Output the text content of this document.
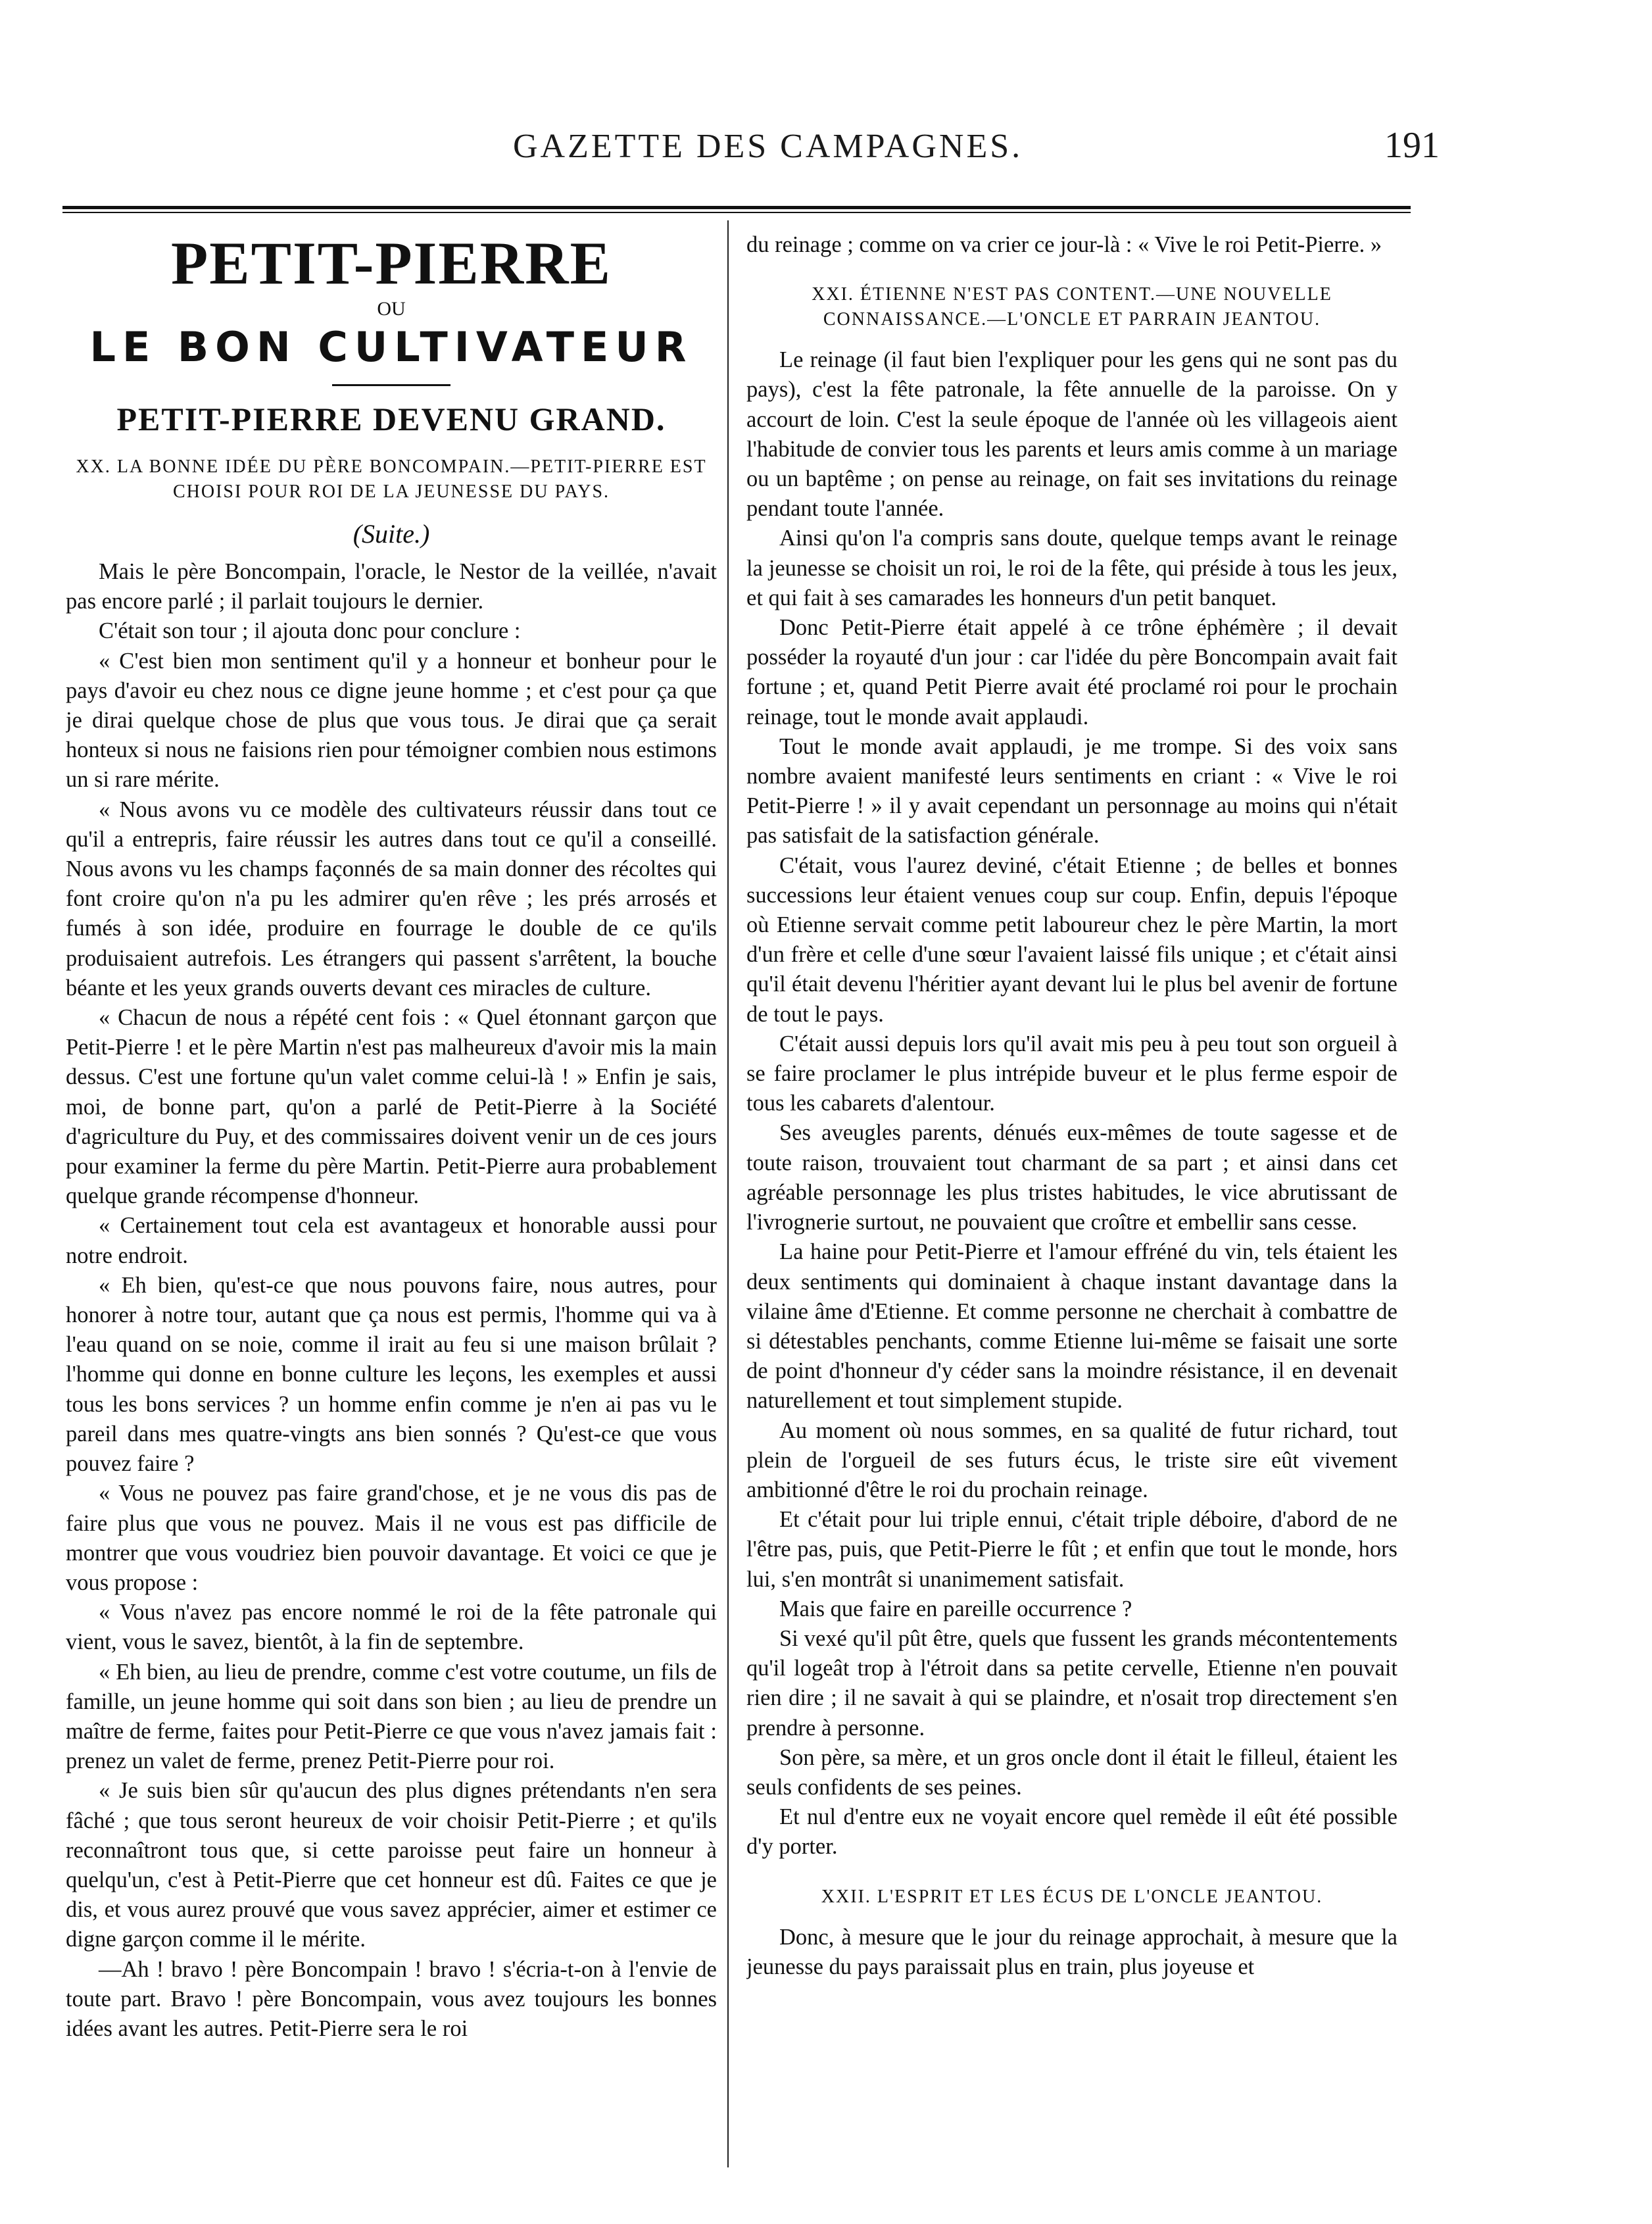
GAZETTE DES CAMPAGNES.	191
PETIT-PIERRE
OU
LE BON CULTIVATEUR
PETIT-PIERRE DEVENU GRAND.
XX. LA BONNE IDÉE DU PÈRE BONCOMPAIN.—PETIT-PIERRE EST CHOISI POUR ROI DE LA JEUNESSE DU PAYS.
(Suite.)

Mais le père Boncompain, l'oracle, le Nestor de la veillée, n'avait pas encore parlé ; il parlait toujours le dernier.

C'était son tour ; il ajouta donc pour conclure :

« C'est bien mon sentiment qu'il y a honneur et bonheur pour le pays d'avoir eu chez nous ce digne jeune homme ; et c'est pour ça que je dirai quelque chose de plus que vous tous. Je dirai que ça serait honteux si nous ne faisions rien pour témoigner combien nous estimons un si rare mérite.

« Nous avons vu ce modèle des cultivateurs réussir dans tout ce qu'il a entrepris, faire réussir les autres dans tout ce qu'il a conseillé. Nous avons vu les champs façonnés de sa main donner des récoltes qui font croire qu'on n'a pu les admirer qu'en rêve ; les prés arrosés et fumés à son idée, produire en fourrage le double de ce qu'ils produisaient autrefois. Les étrangers qui passent s'arrêtent, la bouche béante et les yeux grands ouverts devant ces miracles de culture.

« Chacun de nous a répété cent fois : « Quel étonnant garçon que Petit-Pierre ! et le père Martin n'est pas malheureux d'avoir mis la main dessus. C'est une fortune qu'un valet comme celui-là ! » Enfin je sais, moi, de bonne part, qu'on a parlé de Petit-Pierre à la Société d'agriculture du Puy, et des commissaires doivent venir un de ces jours pour examiner la ferme du père Martin. Petit-Pierre aura probablement quelque grande récompense d'honneur.

« Certainement tout cela est avantageux et honorable aussi pour notre endroit.

« Eh bien, qu'est-ce que nous pouvons faire, nous autres, pour honorer à notre tour, autant que ça nous est permis, l'homme qui va à l'eau quand on se noie, comme il irait au feu si une maison brûlait ? l'homme qui donne en bonne culture les leçons, les exemples et aussi tous les bons services ? un homme enfin comme je n'en ai pas vu le pareil dans mes quatre-vingts ans bien sonnés ? Qu'est-ce que vous pouvez faire ?

« Vous ne pouvez pas faire grand'chose, et je ne vous dis pas de faire plus que vous ne pouvez. Mais il ne vous est pas difficile de montrer que vous voudriez bien pouvoir davantage. Et voici ce que je vous propose :

« Vous n'avez pas encore nommé le roi de la fête patronale qui vient, vous le savez, bientôt, à la fin de septembre.

« Eh bien, au lieu de prendre, comme c'est votre coutume, un fils de famille, un jeune homme qui soit dans son bien ; au lieu de prendre un maître de ferme, faites pour Petit-Pierre ce que vous n'avez jamais fait : prenez un valet de ferme, prenez Petit-Pierre pour roi.

« Je suis bien sûr qu'aucun des plus dignes prétendants n'en sera fâché ; que tous seront heureux de voir choisir Petit-Pierre ; et qu'ils reconnaîtront tous que, si cette paroisse peut faire un honneur à quelqu'un, c'est à Petit-Pierre que cet honneur est dû. Faites ce que je dis, et vous aurez prouvé que vous savez apprécier, aimer et estimer ce digne garçon comme il le mérite.

—Ah ! bravo ! père Boncompain ! bravo ! s'écria-t-on à l'envie de toute part. Bravo ! père Boncompain, vous avez toujours les bonnes idées avant les autres. Petit-Pierre sera le roi

du reinage ; comme on va crier ce jour-là : « Vive le roi Petit-Pierre. »

XXI. ÉTIENNE N'EST PAS CONTENT.—UNE NOUVELLE CONNAISSANCE.—L'ONCLE ET PARRAIN JEANTOU.

Le reinage (il faut bien l'expliquer pour les gens qui ne sont pas du pays), c'est la fête patronale, la fête annuelle de la paroisse. On y accourt de loin. C'est la seule époque de l'année où les villageois aient l'habitude de convier tous les parents et leurs amis comme à un mariage ou un baptême ; on pense au reinage, on fait ses invitations du reinage pendant toute l'année.

Ainsi qu'on l'a compris sans doute, quelque temps avant le reinage la jeunesse se choisit un roi, le roi de la fête, qui préside à tous les jeux, et qui fait à ses camarades les honneurs d'un petit banquet.

Donc Petit-Pierre était appelé à ce trône éphémère ; il devait posséder la royauté d'un jour : car l'idée du père Boncompain avait fait fortune ; et, quand Petit Pierre avait été proclamé roi pour le prochain reinage, tout le monde avait applaudi.

Tout le monde avait applaudi, je me trompe. Si des voix sans nombre avaient manifesté leurs sentiments en criant : « Vive le roi Petit-Pierre ! » il y avait cependant un personnage au moins qui n'était pas satisfait de la satisfaction générale.

C'était, vous l'aurez deviné, c'était Etienne ; de belles et bonnes successions leur étaient venues coup sur coup. Enfin, depuis l'époque où Etienne servait comme petit laboureur chez le père Martin, la mort d'un frère et celle d'une sœur l'avaient laissé fils unique ; et c'était ainsi qu'il était devenu l'héritier ayant devant lui le plus bel avenir de fortune de tout le pays.

C'était aussi depuis lors qu'il avait mis peu à peu tout son orgueil à se faire proclamer le plus intrépide buveur et le plus ferme espoir de tous les cabarets d'alentour.

Ses aveugles parents, dénués eux-mêmes de toute sagesse et de toute raison, trouvaient tout charmant de sa part ; et ainsi dans cet agréable personnage les plus tristes habitudes, le vice abrutissant de l'ivrognerie surtout, ne pouvaient que croître et embellir sans cesse.

La haine pour Petit-Pierre et l'amour effréné du vin, tels étaient les deux sentiments qui dominaient à chaque instant davantage dans la vilaine âme d'Etienne. Et comme personne ne cherchait à combattre de si détestables penchants, comme Etienne lui-même se faisait une sorte de point d'honneur d'y céder sans la moindre résistance, il en devenait naturellement et tout simplement stupide.

Au moment où nous sommes, en sa qualité de futur richard, tout plein de l'orgueil de ses futurs écus, le triste sire eût vivement ambitionné d'être le roi du prochain reinage.

Et c'était pour lui triple ennui, c'était triple déboire, d'abord de ne l'être pas, puis, que Petit-Pierre le fût ; et enfin que tout le monde, hors lui, s'en montrât si unanimement satisfait.

Mais que faire en pareille occurrence ?

Si vexé qu'il pût être, quels que fussent les grands mécontentements qu'il logeât trop à l'étroit dans sa petite cervelle, Etienne n'en pouvait rien dire ; il ne savait à qui se plaindre, et n'osait trop directement s'en prendre à personne.

Son père, sa mère, et un gros oncle dont il était le filleul, étaient les seuls confidents de ses peines.

Et nul d'entre eux ne voyait encore quel remède il eût été possible d'y porter.

XXII. L'ESPRIT ET LES ÉCUS DE L'ONCLE JEANTOU.

Donc, à mesure que le jour du reinage approchait, à mesure que la jeunesse du pays paraissait plus en train, plus joyeuse et
